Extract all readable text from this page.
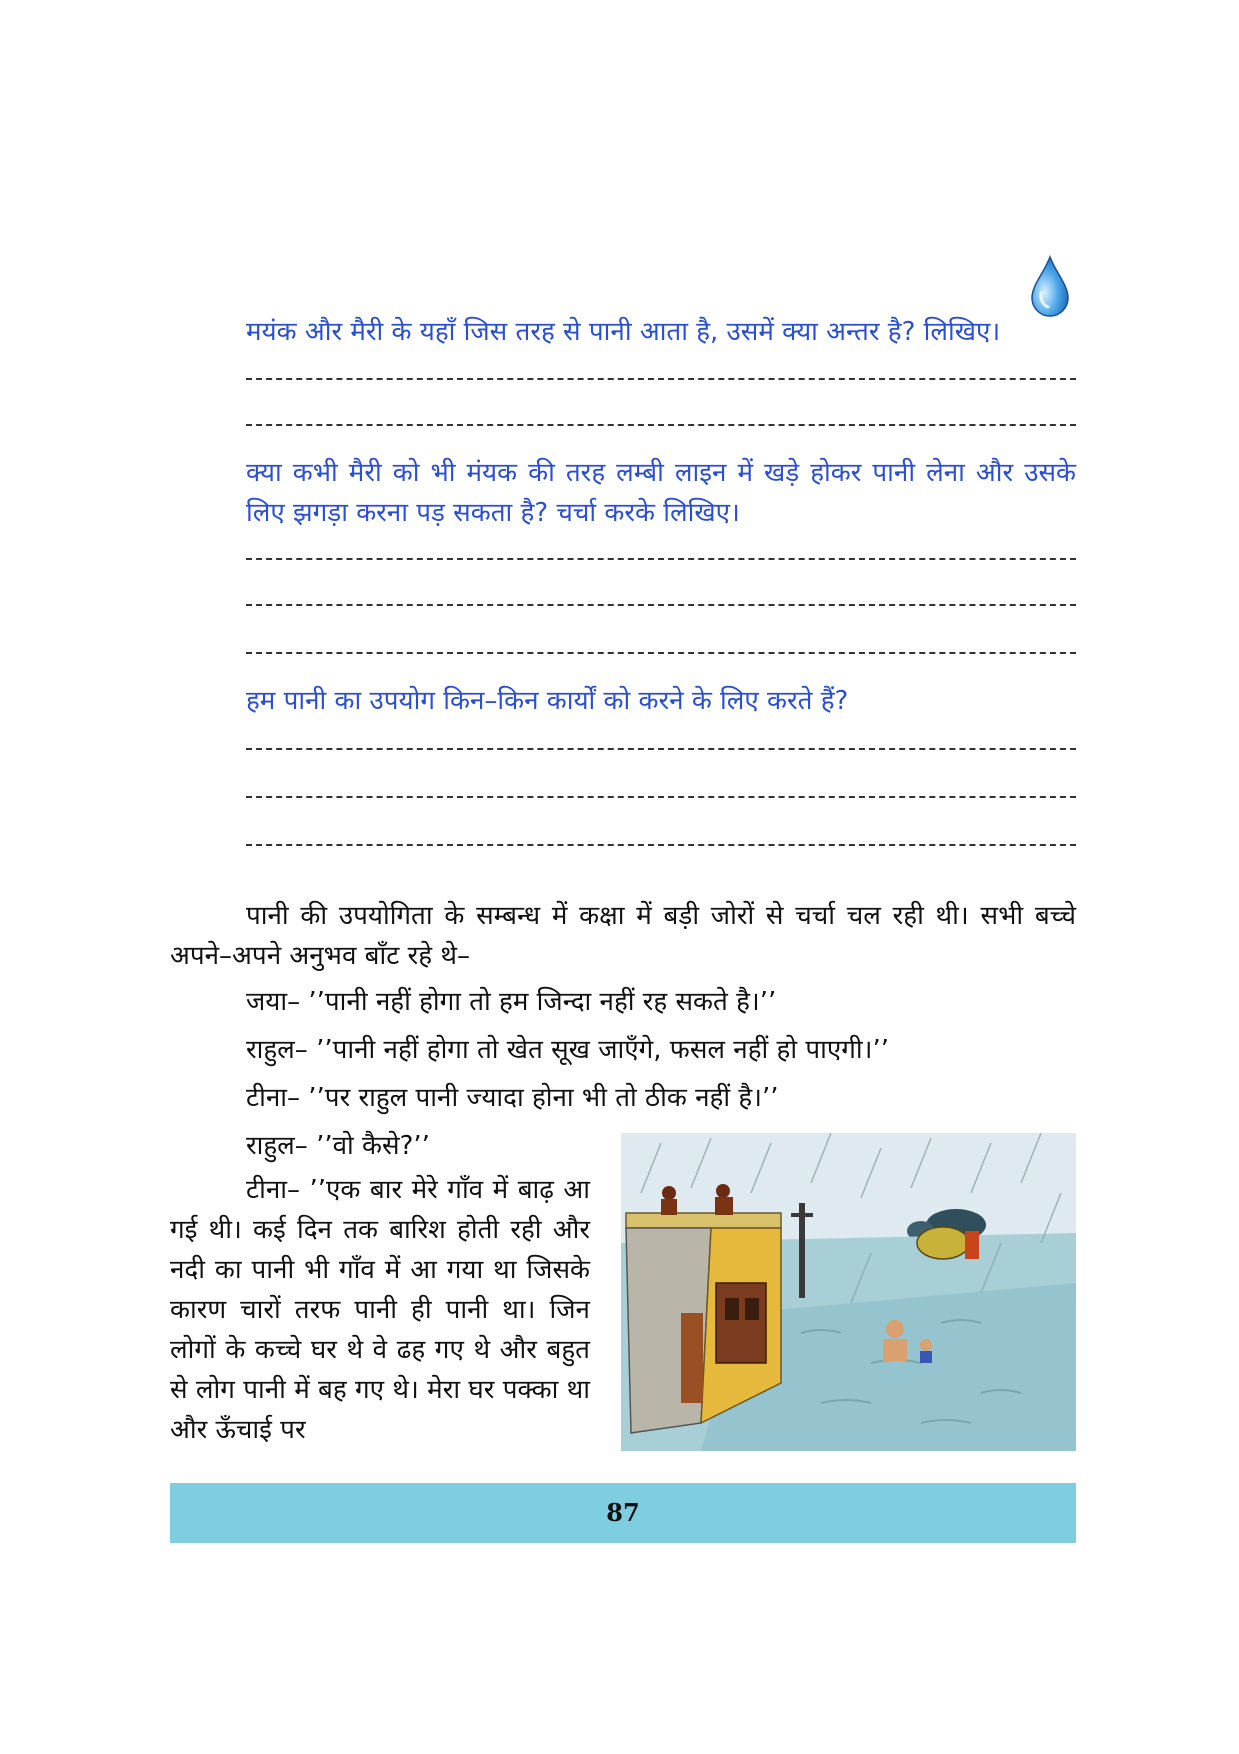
मयंक और मैरी के यहाँ जिस तरह से पानी आता है, उसमें क्या अन्तर है? लिखिए।

क्या कभी मैरी को भी मंयक की तरह लम्बी लाइन में खड़े होकर पानी लेना और उसके लिए झगड़ा करना पड़ सकता है? चर्चा करके लिखिए।

हम पानी का उपयोग किन–किन कार्यों को करने के लिए करते हैं?

पानी की उपयोगिता के सम्बन्ध में कक्षा में बड़ी जोरों से चर्चा चल रही थी। सभी बच्चे अपने–अपने अनुभव बाँट रहे थे–

जया– ’’पानी नहीं होगा तो हम जिन्दा नहीं रह सकते है।’’

राहुल– ’’पानी नहीं होगा तो खेत सूख जाएँगे, फसल नहीं हो पाएगी।’’

टीना– ’’पर राहुल पानी ज्यादा होना भी तो ठीक नहीं है।’’

राहुल– ’’वो कैसे?’’

टीना– ’’एक बार मेरे गाँव में बाढ़ आ गई थी। कई दिन तक बारिश होती रही और नदी का पानी भी गाँव में आ गया था जिसके कारण चारों तरफ पानी ही पानी था। जिन लोगों के कच्चे घर थे वे ढह गए थे और बहुत से लोग पानी में बह गए थे। मेरा घर पक्का था और ऊँचाई पर

87
